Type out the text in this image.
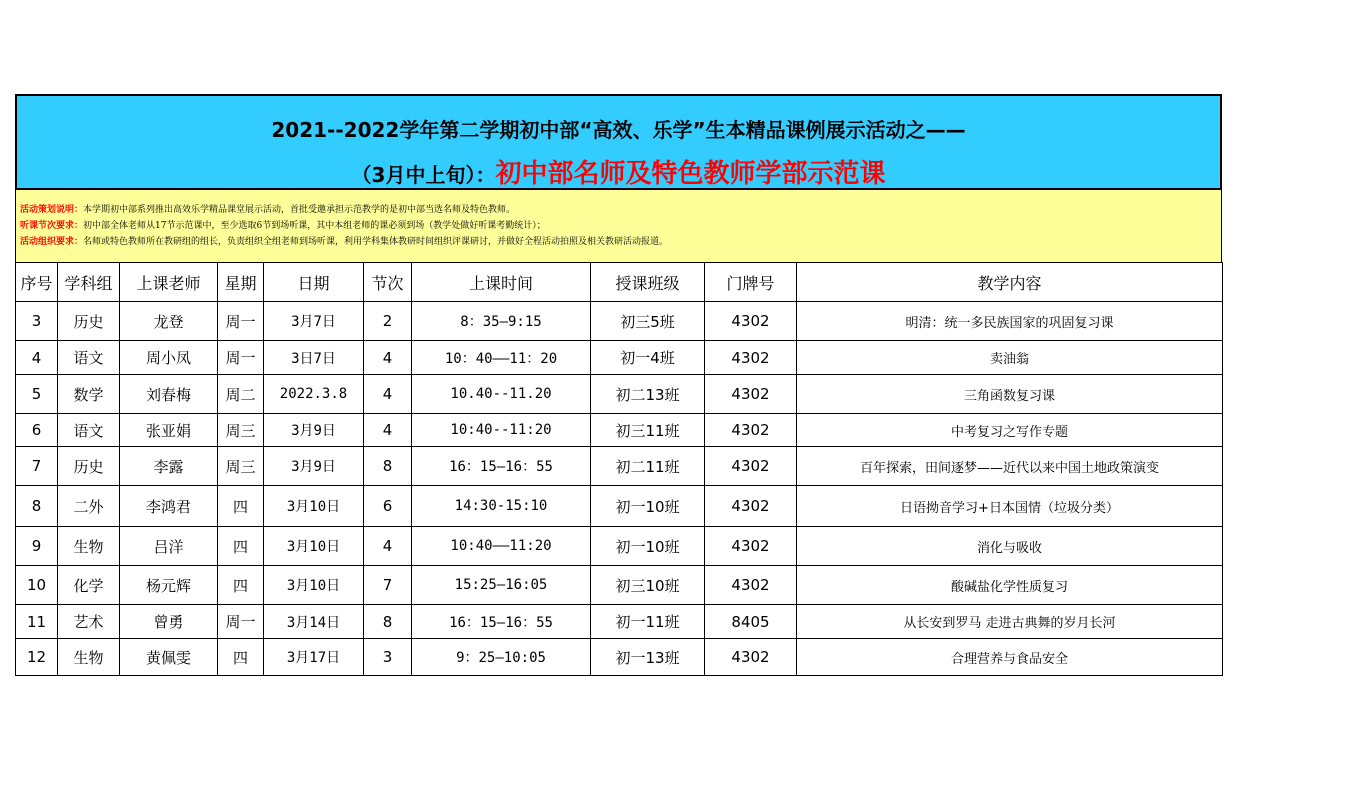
2021--2022学年第二学期初中部“高效、乐学”生本精品课例展示活动之——
（3月中上旬）：初中部名师及特色教师学部示范课
活动策划说明：本学期初中部系列推出高效乐学精品课堂展示活动，首批受邀承担示范教学的是初中部当选名师及特色教师。
听课节次要求：初中部全体老师从17节示范课中，至少选取6节到场听课，其中本组老师的课必须到场（教学处做好听课考勤统计）；
活动组织要求：名师或特色教师所在教研组的组长，负责组织全组老师到场听课，利用学科集体教研时间组织评课研讨，并做好全程活动拍照及相关教研活动报道。
序号	学科组	上课老师	星期	日期	节次	上课时间	授课班级	门牌号	教学内容
3	历史	龙登	周一	3月7日	2	8：35—9:15	初三5班	4302	明清：统一多民族国家的巩固复习课
4	语文	周小凤	周一	3日7日	4	10：40——11：20	初一4班	4302	卖油翁
5	数学	刘春梅	周二	2022.3.8	4	10.40--11.20	初二13班	4302	三角函数复习课
6	语文	张亚娟	周三	3月9日	4	10:40--11:20	初三11班	4302	中考复习之写作专题
7	历史	李露	周三	3月9日	8	16：15—16：55	初二11班	4302	百年探索，田间逐梦——近代以来中国土地政策演变
8	二外	李鸿君	四	3月10日	6	14:30-15:10	初一10班	4302	日语拗音学习+日本国情（垃圾分类）
9	生物	吕洋	四	3月10日	4	10:40——11:20	初一10班	4302	消化与吸收
10	化学	杨元辉	四	3月10日	7	15:25—16:05	初三10班	4302	酸碱盐化学性质复习
11	艺术	曾勇	周一	3月14日	8	16：15—16：55	初一11班	8405	从长安到罗马 走进古典舞的岁月长河
12	生物	黄佩雯	四	3月17日	3	9：25—10:05	初一13班	4302	合理营养与食品安全
